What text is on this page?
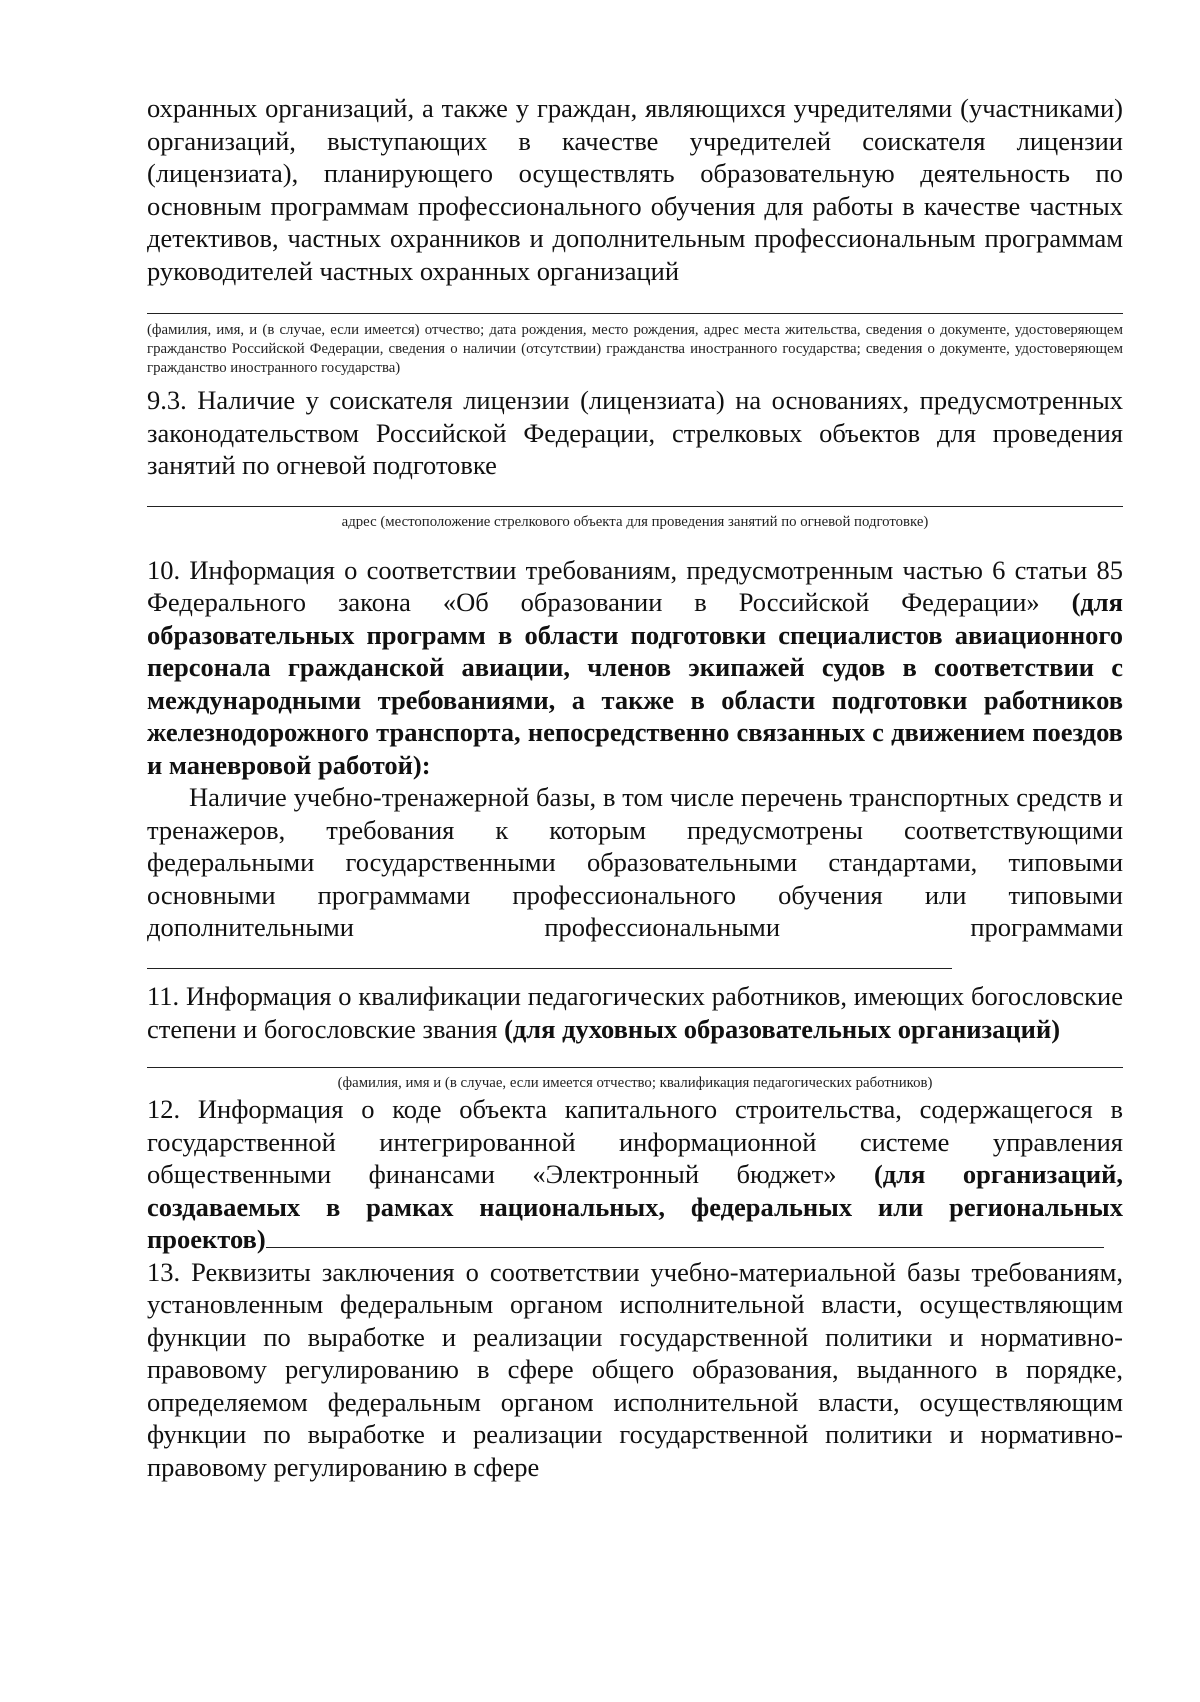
охранных организаций, а также у граждан, являющихся учредителями (участниками) организаций, выступающих в качестве учредителей соискателя лицензии (лицензиата), планирующего осуществлять образовательную деятельность по основным программам профессионального обучения для работы в качестве частных детективов, частных охранников и дополнительным профессиональным программам руководителей частных охранных организаций

(фамилия, имя, и (в случае, если имеется) отчество; дата рождения, место рождения, адрес места жительства, сведения о документе, удостоверяющем гражданство Российской Федерации, сведения о наличии (отсутствии) гражданства иностранного государства; сведения о документе, удостоверяющем гражданство иностранного государства)

9.3. Наличие у соискателя лицензии (лицензиата) на основаниях, предусмотренных законодательством Российской Федерации, стрелковых объектов для проведения занятий по огневой подготовке

адрес (местоположение стрелкового объекта для проведения занятий по огневой подготовке)

10. Информация о соответствии требованиям, предусмотренным частью 6 статьи 85 Федерального закона «Об образовании в Российской Федерации» (для образовательных программ в области подготовки специалистов авиационного персонала гражданской авиации, членов экипажей судов в соответствии с международными требованиями, а также в области подготовки работников железнодорожного транспорта, непосредственно связанных с движением поездов и маневровой работой):

Наличие учебно-тренажерной базы, в том числе перечень транспортных средств и тренажеров, требования к которым предусмотрены соответствующими федеральными государственными образовательными стандартами, типовыми основными программами профессионального обучения или типовыми дополнительными профессиональными программами

11. Информация о квалификации педагогических работников, имеющих богословские степени и богословские звания (для духовных образовательных организаций)

(фамилия, имя и (в случае, если имеется отчество; квалификация педагогических работников)

12. Информация о коде объекта капитального строительства, содержащегося в государственной интегрированной информационной системе управления общественными финансами «Электронный бюджет» (для организаций, создаваемых в рамках национальных, федеральных или региональных проектов)

13. Реквизиты заключения о соответствии учебно-материальной базы требованиям, установленным федеральным органом исполнительной власти, осуществляющим функции по выработке и реализации государственной политики и нормативно-правовому регулированию в сфере общего образования, выданного в порядке, определяемом федеральным органом исполнительной власти, осуществляющим функции по выработке и реализации государственной политики и нормативно-правовому регулированию в сфере
